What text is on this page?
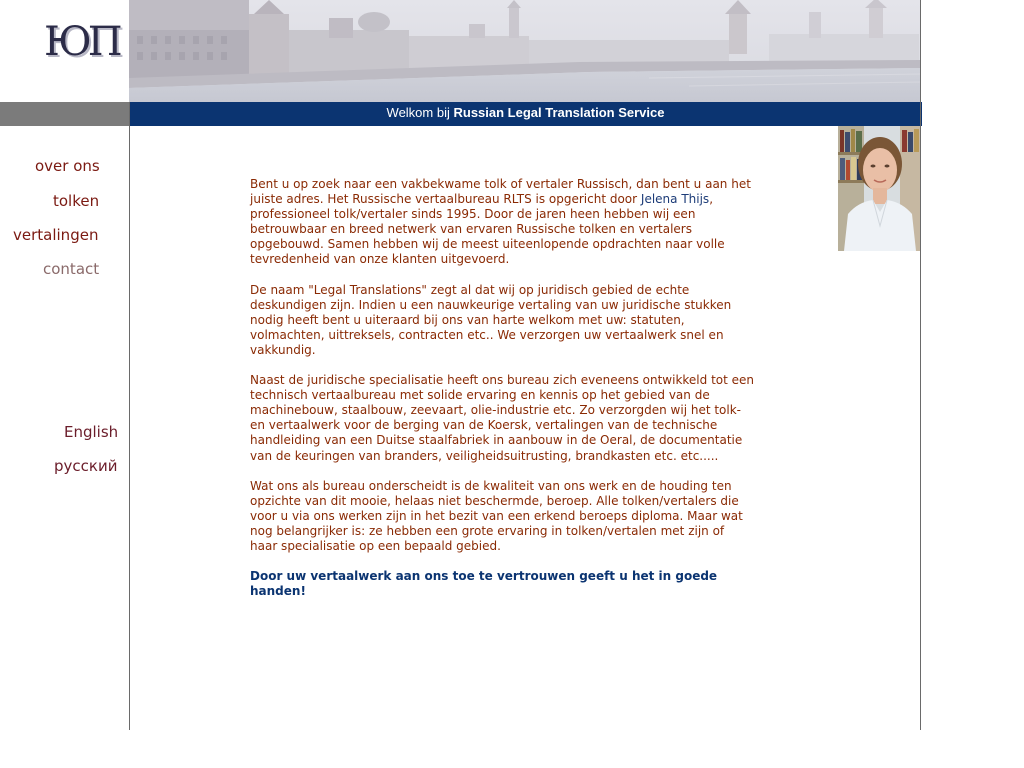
ЮП
Welkom bij Russian Legal Translation Service
over ons
tolken
vertalingen
contact
English
русский

Bent u op zoek naar een vakbekwame tolk of vertaler Russisch, dan bent u aan het juiste adres. Het Russische vertaalbureau RLTS is opgericht door Jelena Thijs, professioneel tolk/vertaler sinds 1995. Door de jaren heen hebben wij een betrouwbaar en breed netwerk van ervaren Russische tolken en vertalers opgebouwd. Samen hebben wij de meest uiteenlopende opdrachten naar volle tevredenheid van onze klanten uitgevoerd.

De naam "Legal Translations" zegt al dat wij op juridisch gebied de echte deskundigen zijn. Indien u een nauwkeurige vertaling van uw juridische stukken nodig heeft bent u uiteraard bij ons van harte welkom met uw: statuten, volmachten, uittreksels, contracten etc.. We verzorgen uw vertaalwerk snel en vakkundig.

Naast de juridische specialisatie heeft ons bureau zich eveneens ontwikkeld tot een technisch vertaalbureau met solide ervaring en kennis op het gebied van de machinebouw, staalbouw, zeevaart, olie-industrie etc. Zo verzorgden wij het tolk- en vertaalwerk voor de berging van de Koersk, vertalingen van de technische handleiding van een Duitse staalfabriek in aanbouw in de Oeral, de documentatie van de keuringen van branders, veiligheidsuitrusting, brandkasten etc. etc.....

Wat ons als bureau onderscheidt is de kwaliteit van ons werk en de houding ten opzichte van dit mooie, helaas niet beschermde, beroep. Alle tolken/vertalers die voor u via ons werken zijn in het bezit van een erkend beroeps diploma. Maar wat nog belangrijker is: ze hebben een grote ervaring in tolken/vertalen met zijn of haar specialisatie op een bepaald gebied.

Door uw vertaalwerk aan ons toe te vertrouwen geeft u het in goede handen!
